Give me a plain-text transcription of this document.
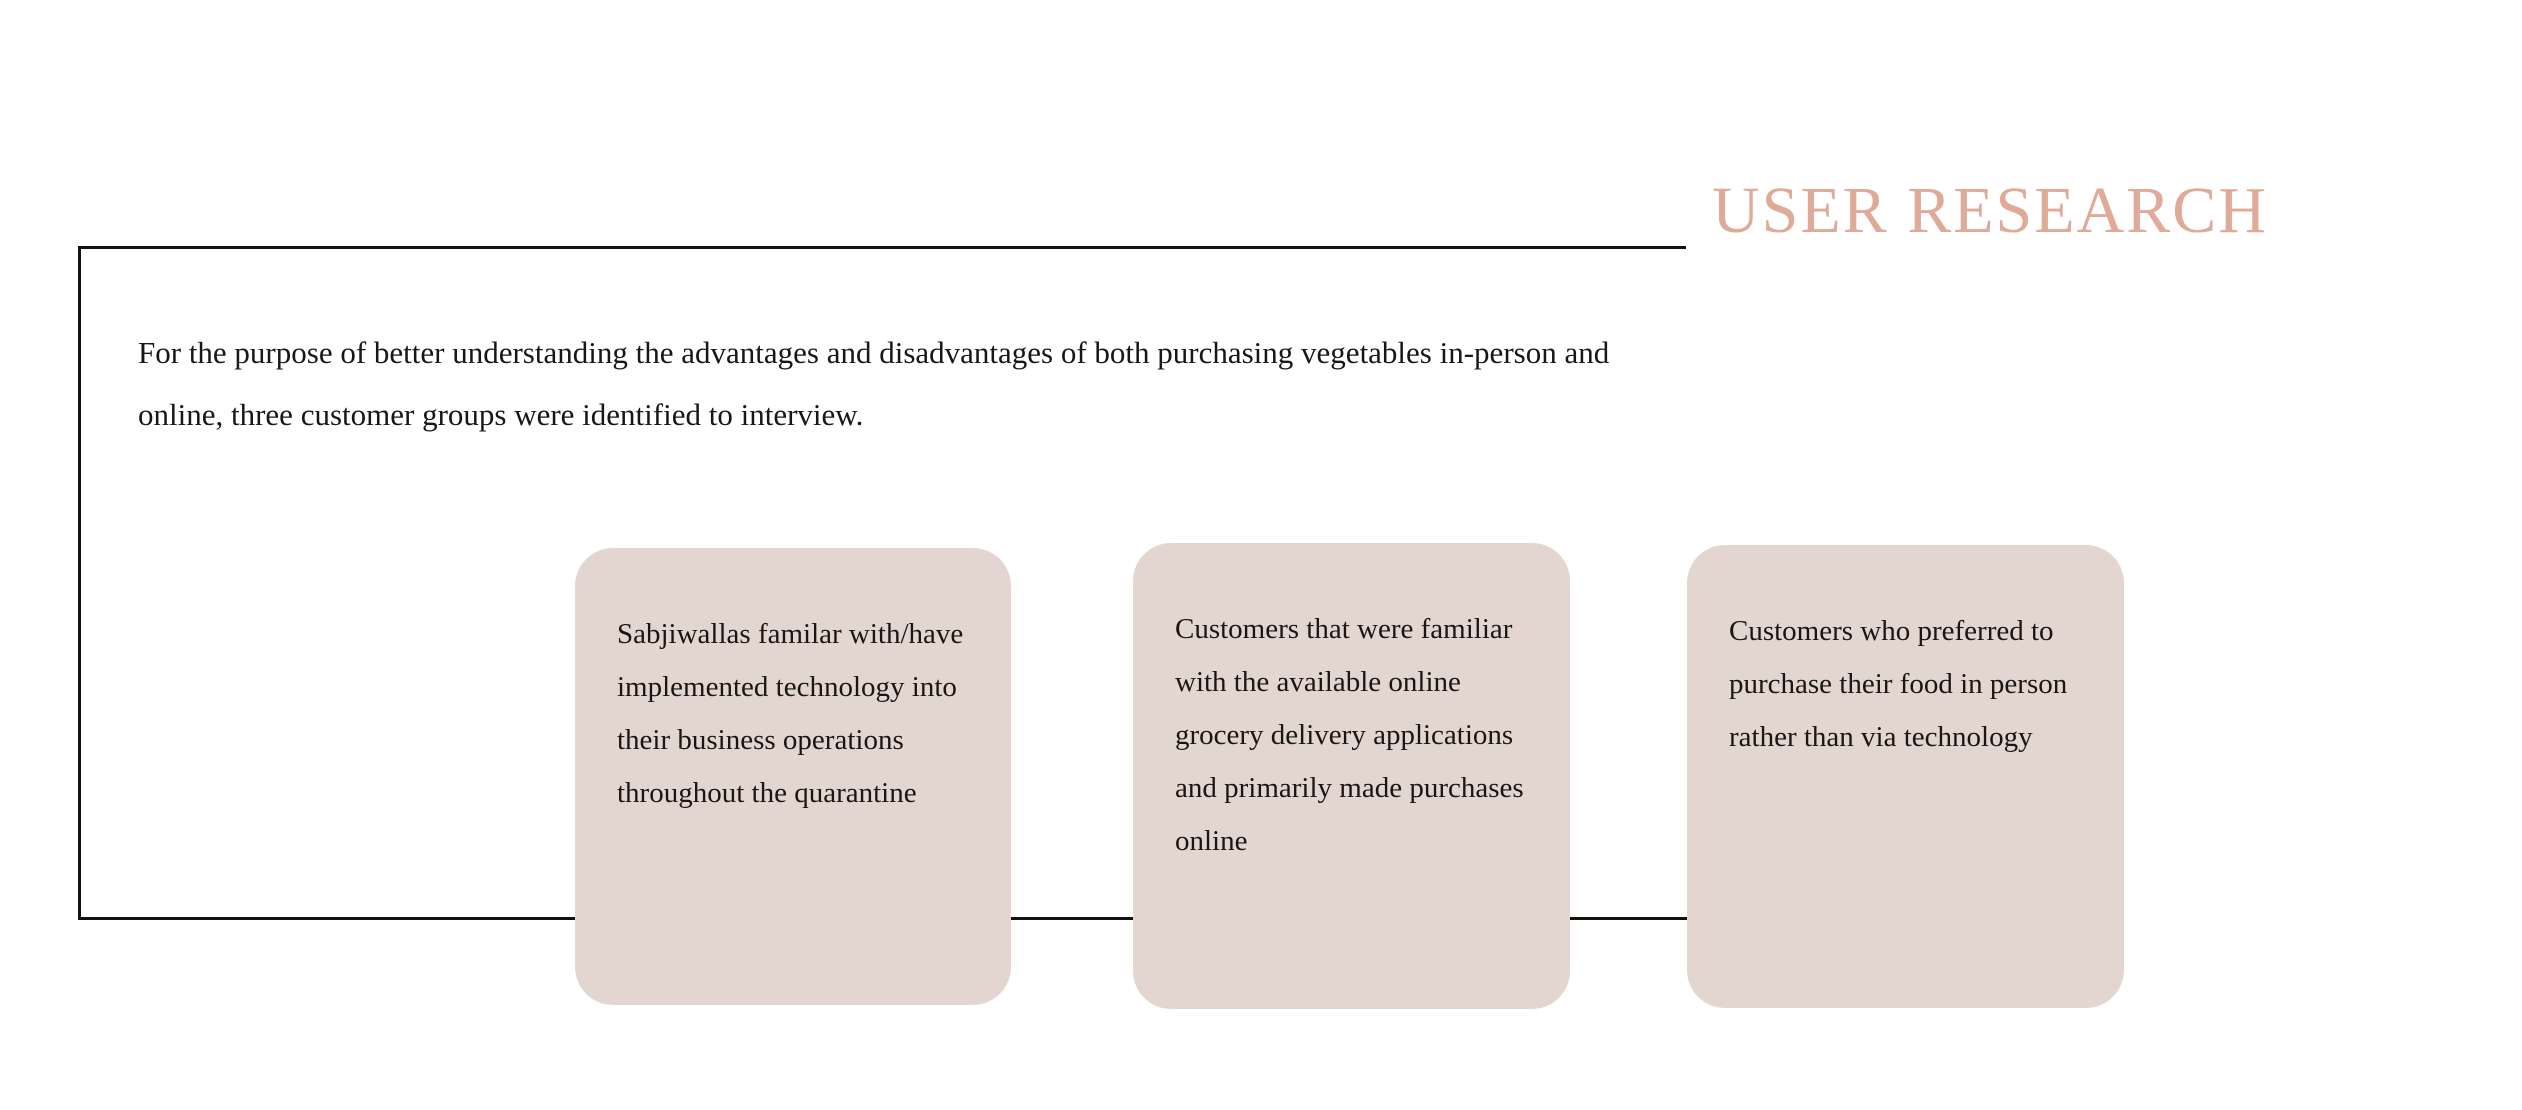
USER RESEARCH
For the purpose of better understanding the advantages and disadvantages of both purchasing vegetables in-person and online, three customer groups were identified to interview.
Sabjiwallas familar with/have implemented technology into their business operations throughout the quarantine
Customers that were familiar with the available online grocery delivery applications and primarily made purchases online
Customers who preferred to purchase their food in person rather than via technology
